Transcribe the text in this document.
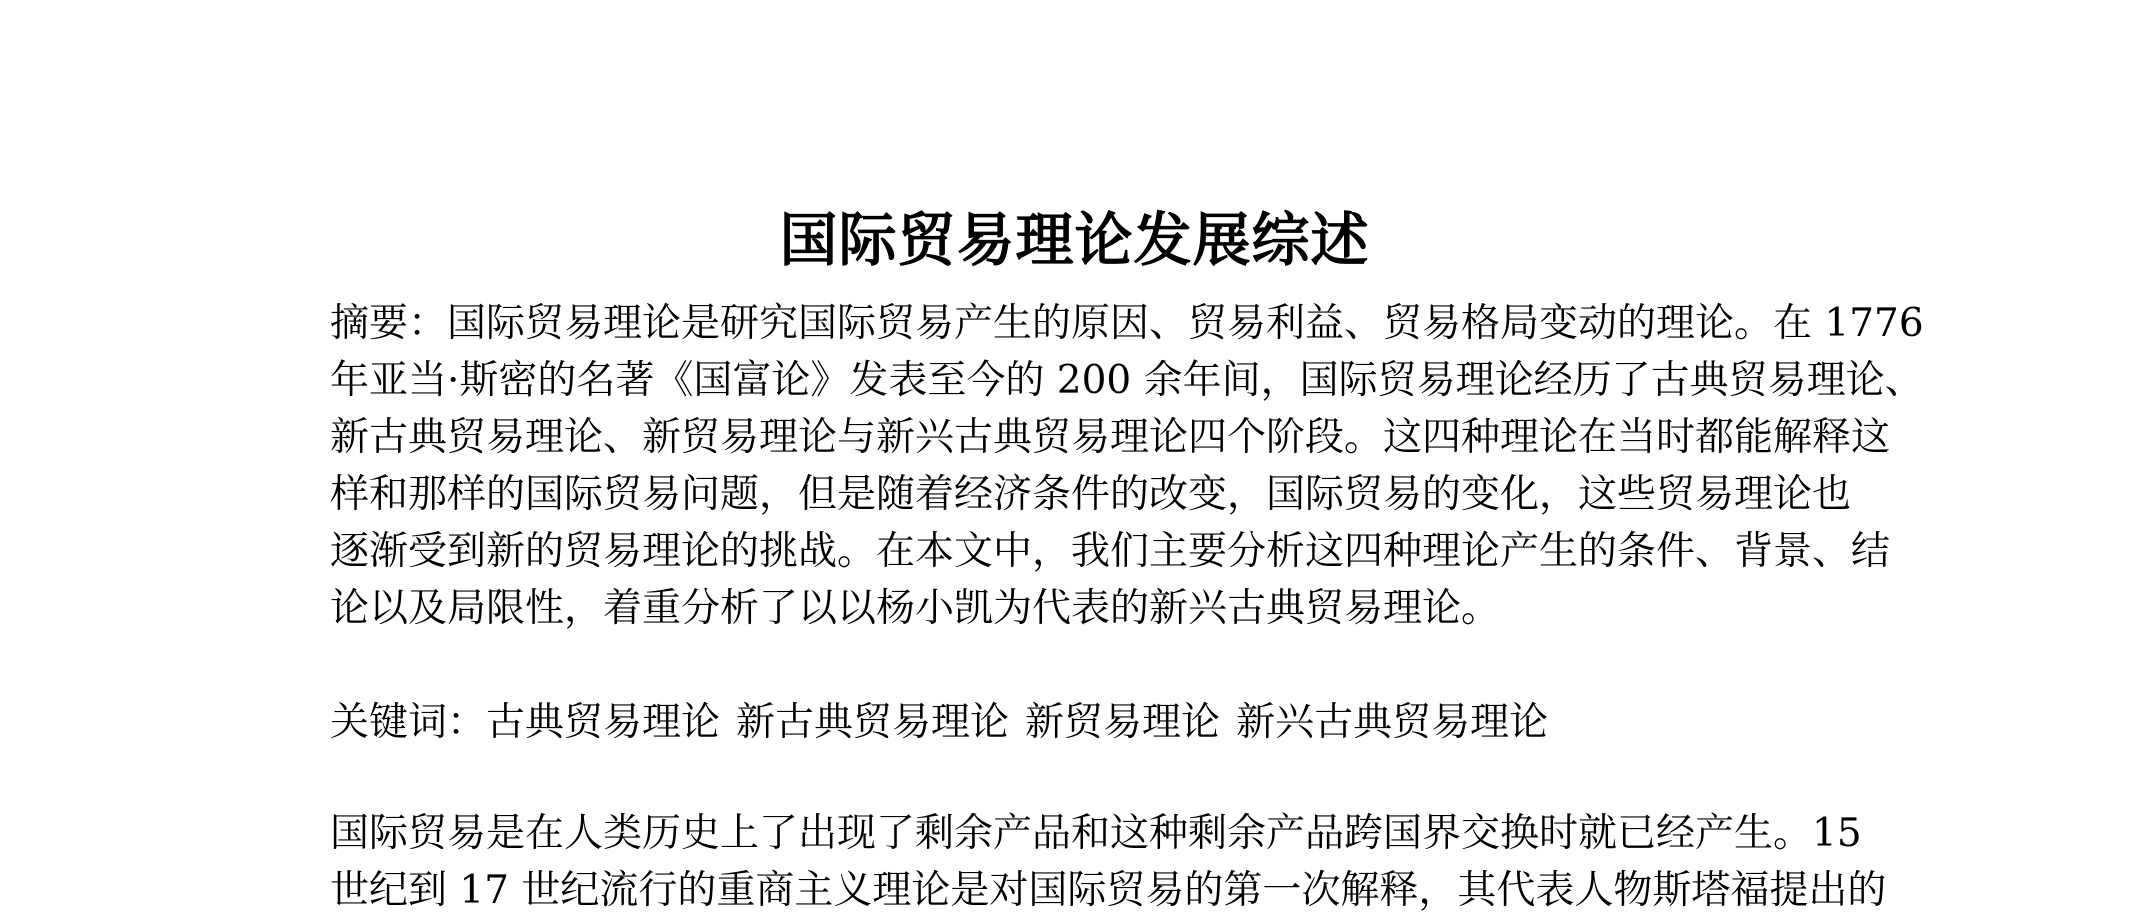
国际贸易理论发展综述
摘要：国际贸易理论是研究国际贸易产生的原因、贸易利益、贸易格局变动的理论。在 1776
年亚当·斯密的名著《国富论》发表至今的 200 余年间，国际贸易理论经历了古典贸易理论、
新古典贸易理论、新贸易理论与新兴古典贸易理论四个阶段。这四种理论在当时都能解释这
样和那样的国际贸易问题，但是随着经济条件的改变，国际贸易的变化，这些贸易理论也
逐渐受到新的贸易理论的挑战。在本文中，我们主要分析这四种理论产生的条件、背景、结
论以及局限性，着重分析了以以杨小凯为代表的新兴古典贸易理论。
关键词：古典贸易理论 新古典贸易理论 新贸易理论 新兴古典贸易理论
国际贸易是在人类历史上了出现了剩余产品和这种剩余产品跨国界交换时就已经产生。15
世纪到 17 世纪流行的重商主义理论是对国际贸易的第一次解释，其代表人物斯塔福提出的
